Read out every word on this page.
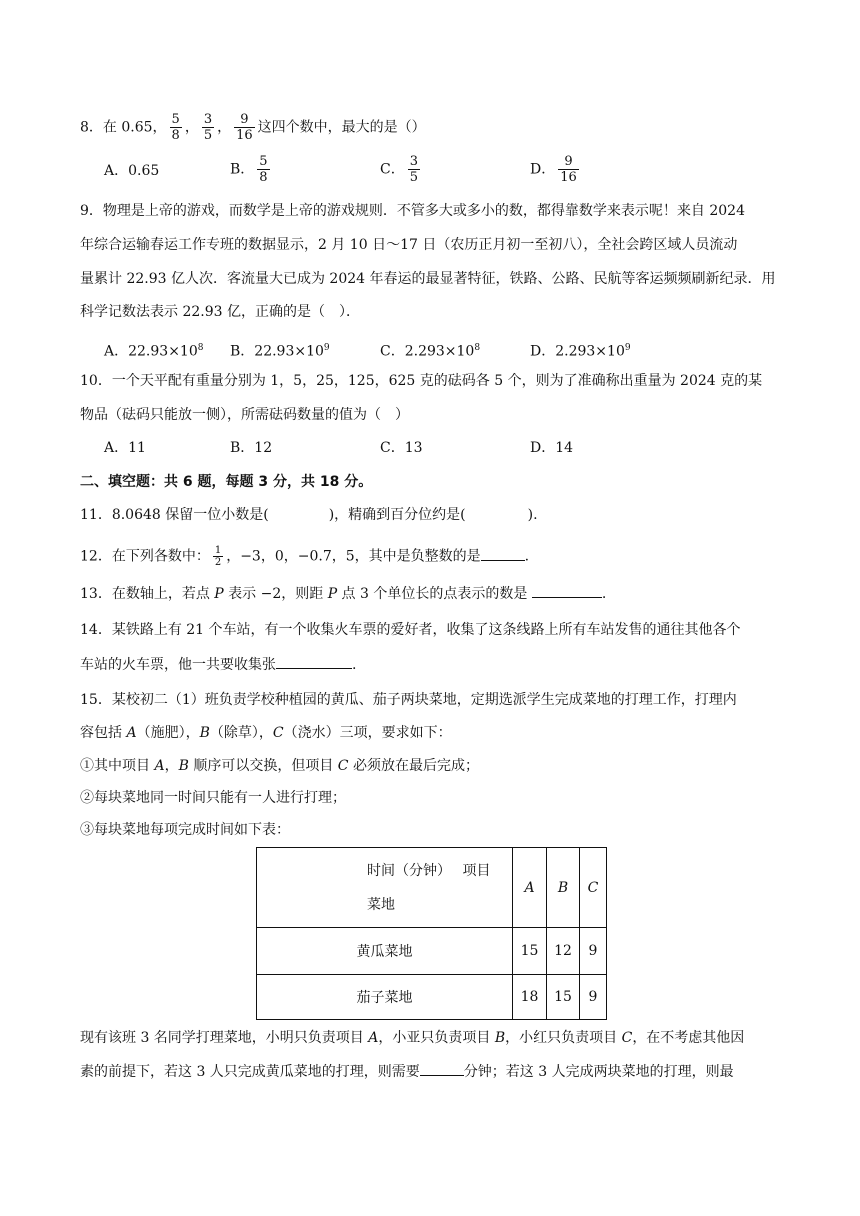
8．在 0.65， $\frac{5}{8}$ ， $\frac{3}{5}$ ， $\frac{9}{16}$ 这四个数中，最大的是（）
A．0.65	B． $\frac{5}{8}$	C． $\frac{3}{5}$	D． $\frac{9}{16}$
9．物理是上帝的游戏，而数学是上帝的游戏规则．不管多大或多小的数，都得靠数学来表示呢！来自 2024
年综合运输春运工作专班的数据显示，2 月 10 日～17 日（农历正月初一至初八），全社会跨区域人员流动
量累计 22.93 亿人次．客流量大已成为 2024 年春运的最显著特征，铁路、公路、民航等客运频频刷新纪录．用
科学记数法表示 22.93 亿，正确的是（　）．
A．$22.93\times 10^8$ B．$22.93\times 10^9$	C．$2.293\times 10^8$	D．$2.293\times 10^9$
10．一个天平配有重量分别为 1，5，25，125，625 克的砝码各 5 个，则为了准确称出重量为 2024 克的某
物品（砝码只能放一侧），所需砝码数量的值为（　）
A．11	B．12	C．13	D．14
二、填空题：共 6 题，每题 3 分，共 18 分。
11．8.0648 保留一位小数是(	)，精确到百分位约是(	).
12．在下列各数中： $\frac{1}{2}$ ，−3，0，−0.7，5，其中是负整数的是	.
13．在数轴上，若点 P 表示 −2，则距 P 点 3 个单位长的点表示的数是	.
14．某铁路上有 21 个车站，有一个收集火车票的爱好者，收集了这条线路上所有车站发售的通往其他各个
车站的火车票，他一共要收集张	.
15．某校初二（1）班负责学校种植园的黄瓜、茄子两块菜地，定期选派学生完成菜地的打理工作，打理内
容包括 A（施肥），B（除草），C（浇水）三项，要求如下：
①其中项目 A，B 顺序可以交换，但项目 C 必须放在最后完成；
②每块菜地同一时间只能有一人进行打理；
③每块菜地每项完成时间如下表：
时间（分钟）　 项目
菜地	A	B	C
黄瓜菜地	15	12	9
茄子菜地	18	15	9
现有该班 3 名同学打理菜地，小明只负责项目 A，小亚只负责项目 B，小红只负责项目 C，在不考虑其他因
素的前提下，若这 3 人只完成黄瓜菜地的打理，则需要	分钟；若这 3 人完成两块菜地的打理，则最
